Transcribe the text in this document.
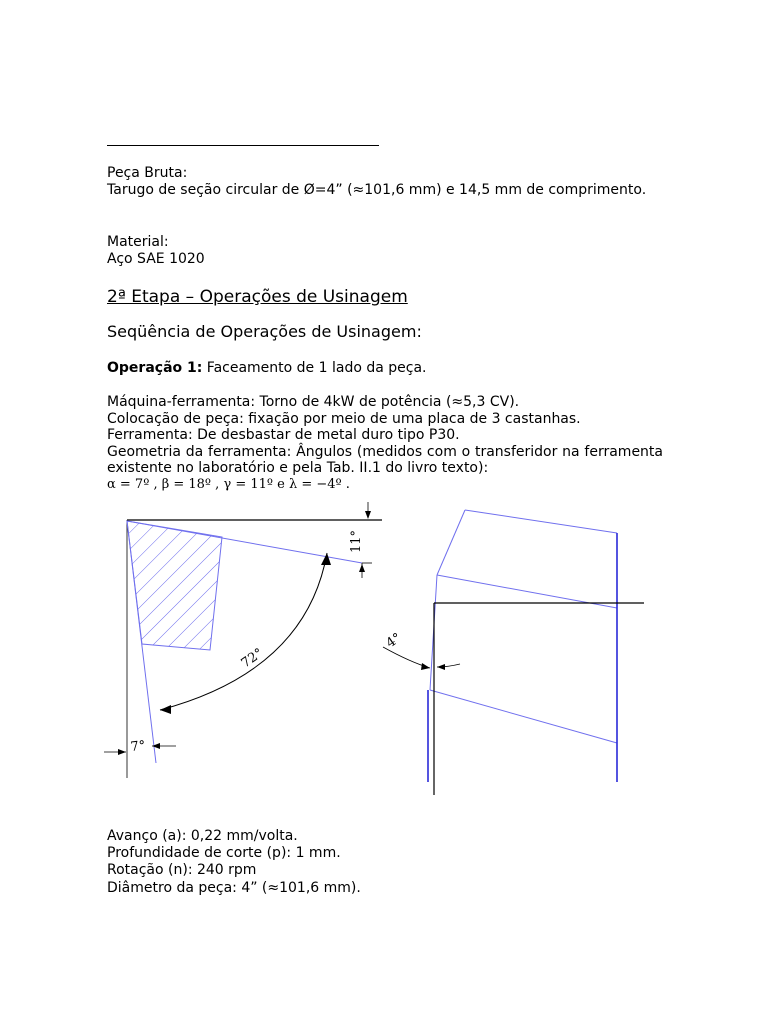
Peça Bruta:
Tarugo de seção circular de Ø=4” (≈101,6 mm) e 14,5 mm de comprimento.
Material:
Aço SAE 1020
2ª Etapa – Operações de Usinagem
Seqüência de Operações de Usinagem:
Operação 1: Faceamento de 1 lado da peça.
Máquina-ferramenta: Torno de 4kW de potência (≈5,3 CV).
Colocação de peça: fixação por meio de uma placa de 3 castanhas.
Ferramenta: De desbastar de metal duro tipo P30.
Geometria da ferramenta: Ângulos (medidos com o transferidor na ferramenta existente no laboratório e pela Tab. II.1 do livro texto):
α = 7º , β = 18º , γ = 11º e λ = −4º .
11°
72°
7°
4°
Avanço (a): 0,22 mm/volta.
Profundidade de corte (p): 1 mm.
Rotação (n): 240 rpm
Diâmetro da peça: 4” (≈101,6 mm).
